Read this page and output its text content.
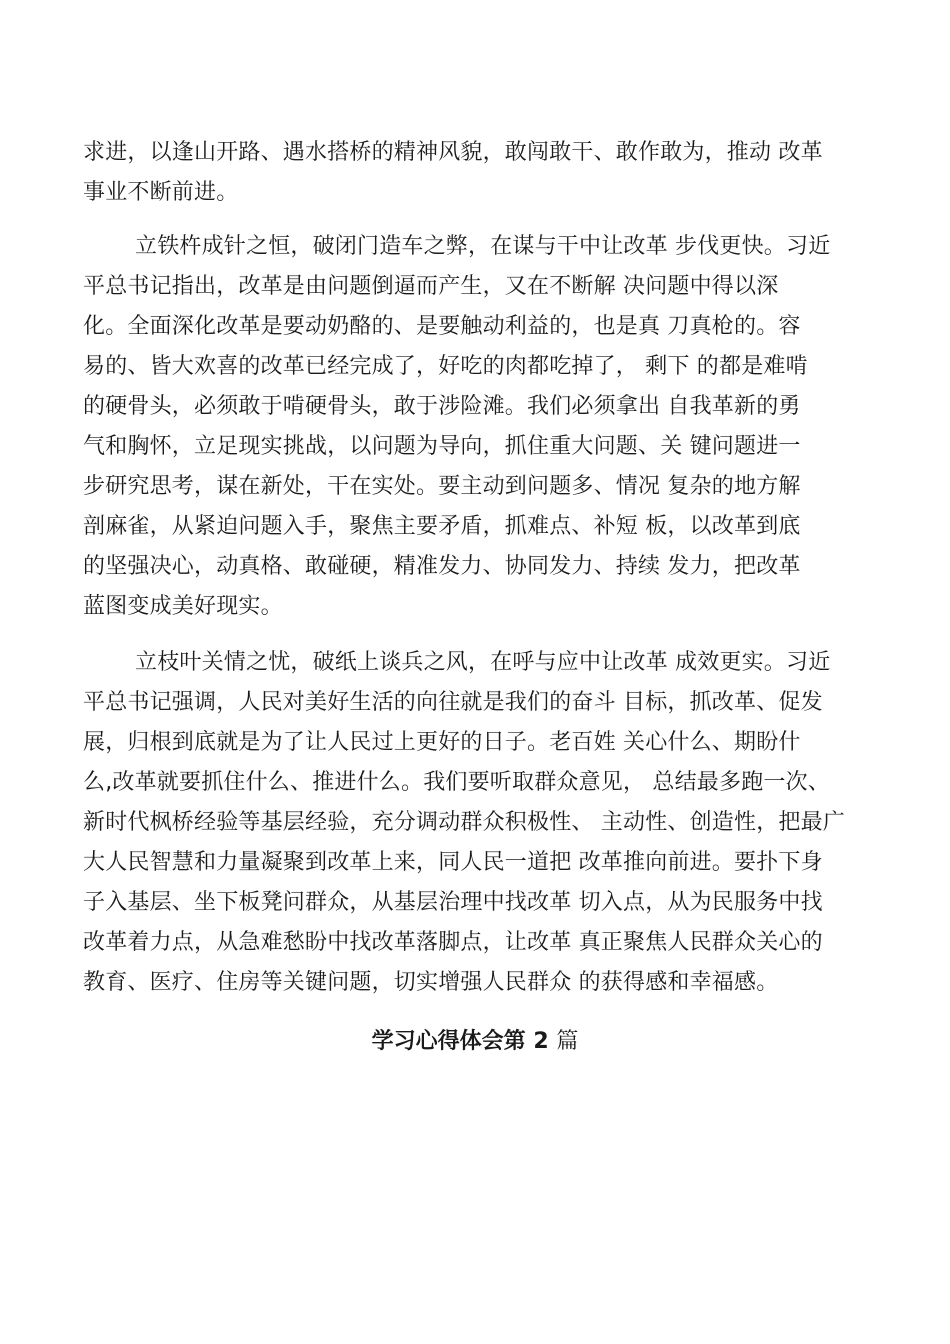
求进，以逢山开路、遇水搭桥的精神风貌，敢闯敢干、敢作敢为，推动 改革
事业不断前进。
立铁杵成针之恒，破闭门造车之弊，在谋与干中让改革 步伐更快。习近
平总书记指出，改革是由问题倒逼而产生，又在不断解 决问题中得以深
化。全面深化改革是要动奶酪的、是要触动利益的，也是真 刀真枪的。容
易的、皆大欢喜的改革已经完成了，好吃的肉都吃掉了， 剩下 的都是难啃
的硬骨头，必须敢于啃硬骨头，敢于涉险滩。我们必须拿出 自我革新的勇
气和胸怀，立足现实挑战，以问题为导向，抓住重大问题、关 键问题进一
步研究思考，谋在新处，干在实处。要主动到问题多、情况 复杂的地方解
剖麻雀，从紧迫问题入手，聚焦主要矛盾，抓难点、补短 板，以改革到底
的坚强决心，动真格、敢碰硬，精准发力、协同发力、持续 发力，把改革
蓝图变成美好现实。
立枝叶关情之忧，破纸上谈兵之风，在呼与应中让改革 成效更实。习近
平总书记强调，人民对美好生活的向往就是我们的奋斗 目标，抓改革、促发
展，归根到底就是为了让人民过上更好的日子。老百姓 关心什么、期盼什
么,改革就要抓住什么、推进什么。我们要听取群众意见， 总结最多跑一次、
新时代枫桥经验等基层经验，充分调动群众积极性、 主动性、创造性，把最广
大人民智慧和力量凝聚到改革上来，同人民一道把 改革推向前进。要扑下身
子入基层、坐下板凳问群众，从基层治理中找改革 切入点，从为民服务中找
改革着力点，从急难愁盼中找改革落脚点，让改革 真正聚焦人民群众关心的
教育、医疗、住房等关键问题，切实增强人民群众 的获得感和幸福感。
学习心得体会第 2 篇
